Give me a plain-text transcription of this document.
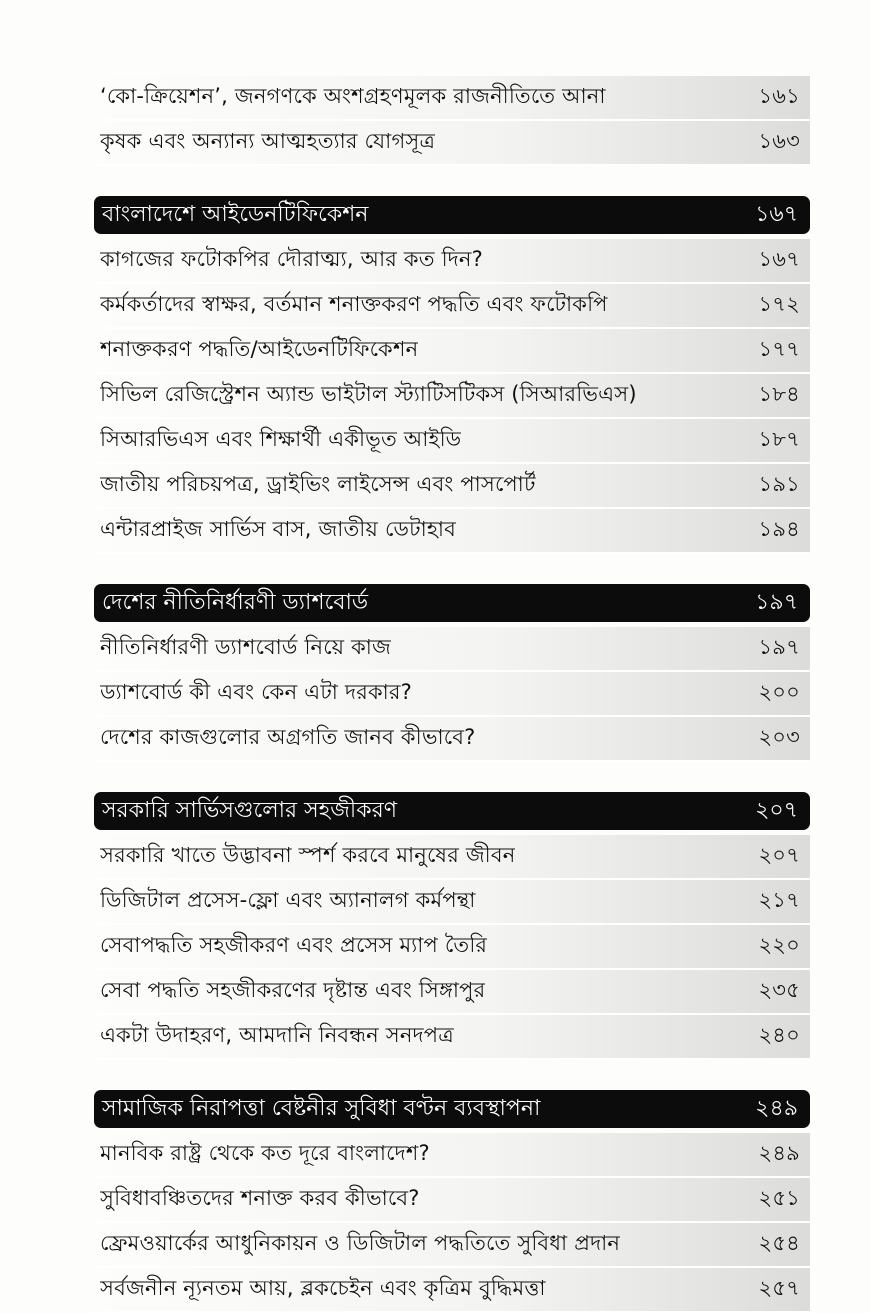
‘কো-ক্রিয়েশন’, জনগণকে অংশগ্রহণমূলক রাজনীতিতে আনা	১৬১
কৃষক এবং অন্যান্য আত্মহত্যার যোগসূত্র	১৬৩
বাংলাদেশে আইডেনটিফিকেশন	১৬৭
কাগজের ফটোকপির দৌরাত্ম্য, আর কত দিন?	১৬৭
কর্মকর্তাদের স্বাক্ষর, বর্তমান শনাক্তকরণ পদ্ধতি এবং ফটোকপি	১৭২
শনাক্তকরণ পদ্ধতি/আইডেনটিফিকেশন	১৭৭
সিভিল রেজিস্ট্রেশন অ্যান্ড ভাইটাল স্ট্যাটিসটিকস (সিআরভিএস)	১৮৪
সিআরভিএস এবং শিক্ষার্থী একীভূত আইডি	১৮৭
জাতীয় পরিচয়পত্র, ড্রাইভিং লাইসেন্স এবং পাসপোর্ট	১৯১
এন্টারপ্রাইজ সার্ভিস বাস, জাতীয় ডেটাহাব	১৯৪
দেশের নীতিনির্ধারণী ড্যাশবোর্ড	১৯৭
নীতিনির্ধারণী ড্যাশবোর্ড নিয়ে কাজ	১৯৭
ড্যাশবোর্ড কী এবং কেন এটা দরকার?	২০০
দেশের কাজগুলোর অগ্রগতি জানব কীভাবে?	২০৩
সরকারি সার্ভিসগুলোর সহজীকরণ	২০৭
সরকারি খাতে উদ্ভাবনা স্পর্শ করবে মানুষের জীবন	২০৭
ডিজিটাল প্রসেস-ফ্লো এবং অ্যানালগ কর্মপন্থা	২১৭
সেবাপদ্ধতি সহজীকরণ এবং প্রসেস ম্যাপ তৈরি	২২০
সেবা পদ্ধতি সহজীকরণের দৃষ্টান্ত এবং সিঙ্গাপুর	২৩৫
একটা উদাহরণ, আমদানি নিবন্ধন সনদপত্র	২৪০
সামাজিক নিরাপত্তা বেষ্টনীর সুবিধা বণ্টন ব্যবস্থাপনা	২৪৯
মানবিক রাষ্ট্র থেকে কত দূরে বাংলাদেশ?	২৪৯
সুবিধাবঞ্চিতদের শনাক্ত করব কীভাবে?	২৫১
ফ্রেমওয়ার্কের আধুনিকায়ন ও ডিজিটাল পদ্ধতিতে সুবিধা প্রদান	২৫৪
সর্বজনীন ন্যূনতম আয়, ব্লকচেইন এবং কৃত্রিম বুদ্ধিমত্তা	২৫৭
